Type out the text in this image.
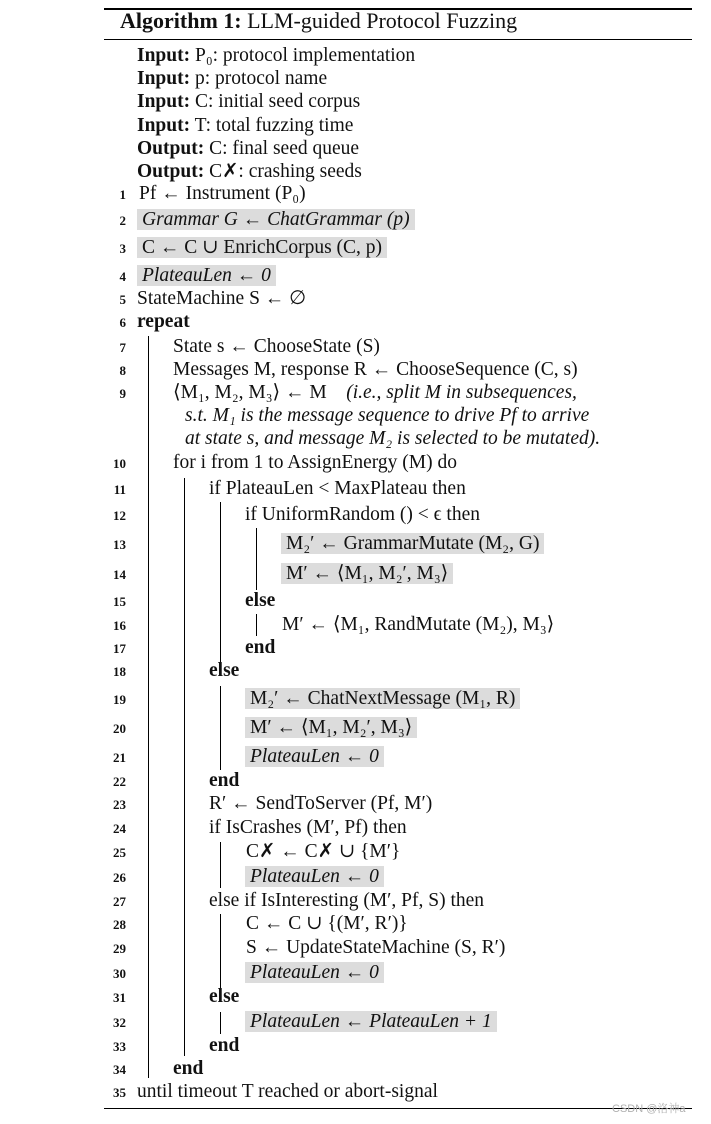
Algorithm 1: LLM-guided Protocol Fuzzing
Input: P₀: protocol implementation
Input: p: protocol name
Input: C: initial seed corpus
Input: T: total fuzzing time
Output: C: final seed queue
Output: C✗: crashing seeds
1
2
3
4
5
6
7
8
9
10
11
12
13
14
15
16
17
18
19
20
21
22
23
24
25
26
27
28
29
30
31
32
33
34
35
Pf ← Instrument (P₀)
Grammar G ← ChatGrammar (p)
C ← C ∪ EnrichCorpus (C, p)
PlateauLen ← 0
StateMachine S ← ∅
repeat
State s ← ChooseState (S)
Messages M, response R ← ChooseSequence (C, s)
⟨M₁, M₂, M₃⟩ ← M (i.e., split M in subsequences,
s.t. M₁ is the message sequence to drive Pf to arrive
at state s, and message M₂ is selected to be mutated).
for i from 1 to AssignEnergy (M) do
if PlateauLen < MaxPlateau then
if UniformRandom () < ϵ then
M₂′ ← GrammarMutate (M₂, G)
M′ ← ⟨M₁, M₂′, M₃⟩
else
M′ ← ⟨M₁, RandMutate (M₂), M₃⟩
end
else
M₂′ ← ChatNextMessage (M₁, R)
M′ ← ⟨M₁, M₂′, M₃⟩
PlateauLen ← 0
end
R′ ← SendToServer (Pf, M′)
if IsCrashes (M′, Pf) then
C✗ ← C✗ ∪ {M′}
PlateauLen ← 0
else if IsInteresting (M′, Pf, S) then
C ← C ∪ {(M′, R′)}
S ← UpdateStateMachine (S, R′)
PlateauLen ← 0
else
PlateauLen ← PlateauLen + 1
end
end
until timeout T reached or abort-signal
CSDN @洛神a
